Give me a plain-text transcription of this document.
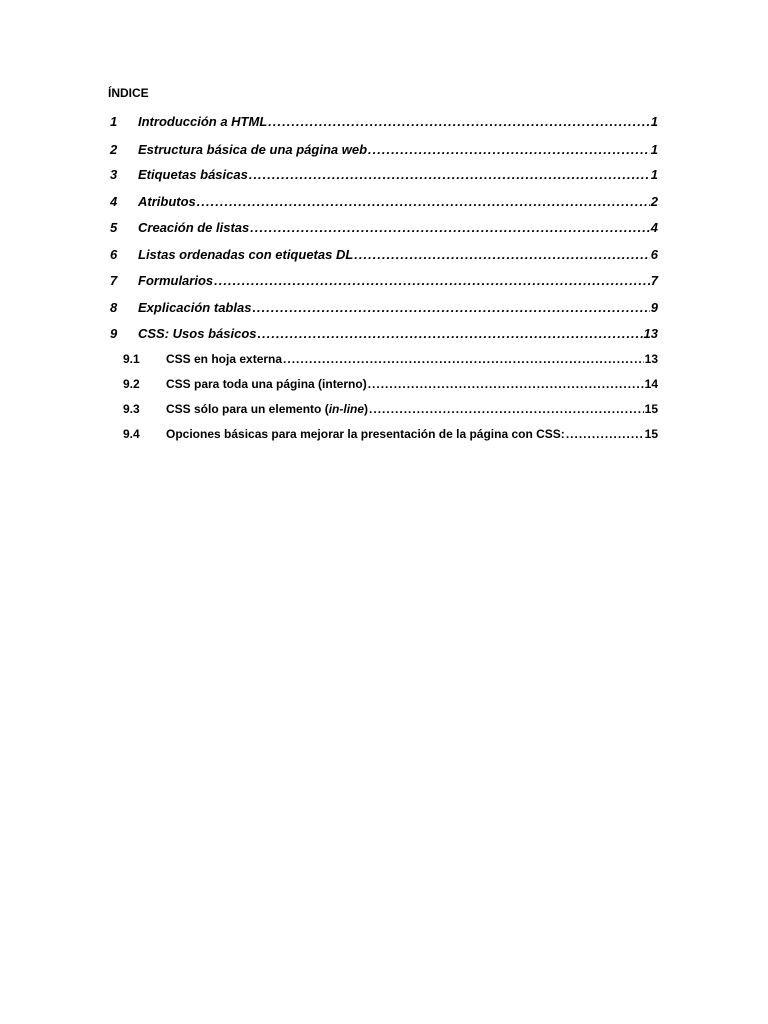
ÍNDICE
1	Introducción a HTML .....	1
2	Estructura básica de una página web .....	1
3	Etiquetas básicas .....	1
4	Atributos .....	2
5	Creación de listas .....	4
6	Listas ordenadas con etiquetas DL .....	6
7	Formularios .....	7
8	Explicación tablas .....	9
9	CSS: Usos básicos .....	13
9.1	CSS en hoja externa .....	13
9.2	CSS para toda una página (interno) .....	14
9.3	CSS sólo para un elemento (in-line) .....	15
9.4	Opciones básicas para mejorar la presentación de la página con CSS: .....	15
